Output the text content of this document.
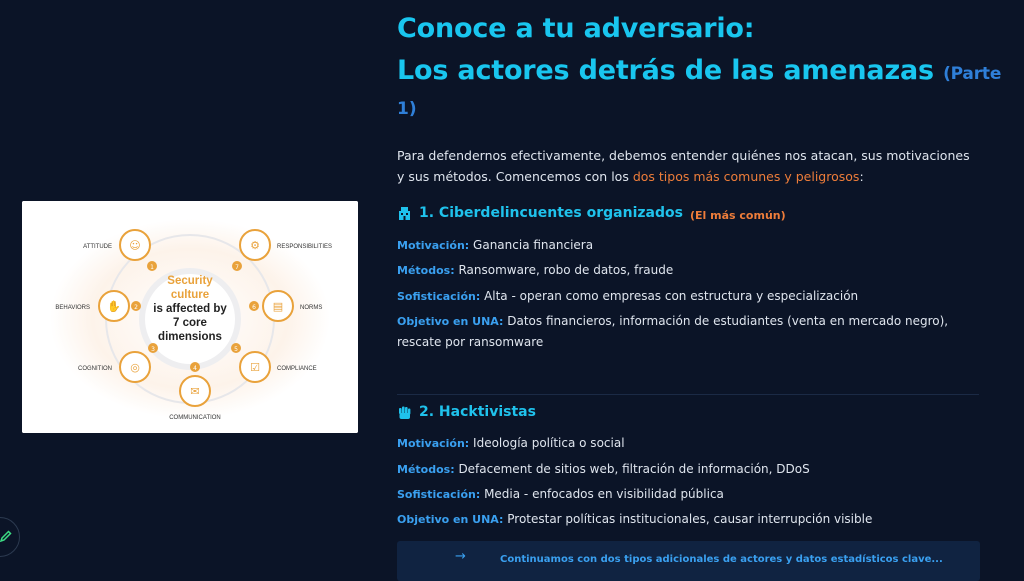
Security
culture
is affected by
7 core
dimensions
☺
1
ATTITUDE
✋ 2
BEHAVIORS
◎
3
COGNITION
✉
4
COMMUNICATION
☑
5
COMPLIANCE
▤
6	NORMS
⚙
7
RESPONSIBILITIES
Conoce a tu adversario:
Los actores detrás de las amenazas (Parte
1)
Para defendernos efectivamente, debemos entender quiénes nos atacan, sus motivaciones y sus métodos. Comencemos con los dos tipos más comunes y peligrosos:
1. Ciberdelincuentes organizados (El más común)
Motivación: Ganancia financiera
Métodos: Ransomware, robo de datos, fraude
Sofisticación: Alta - operan como empresas con estructura y especialización
Objetivo en UNA: Datos financieros, información de estudiantes (venta en mercado negro), rescate por ransomware
2. Hacktivistas
Motivación: Ideología política o social
Métodos: Defacement de sitios web, filtración de información, DDoS
Sofisticación: Media - enfocados en visibilidad pública
Objetivo en UNA: Protestar políticas institucionales, causar interrupción visible
→	Continuamos con dos tipos adicionales de actores y datos estadísticos clave...
